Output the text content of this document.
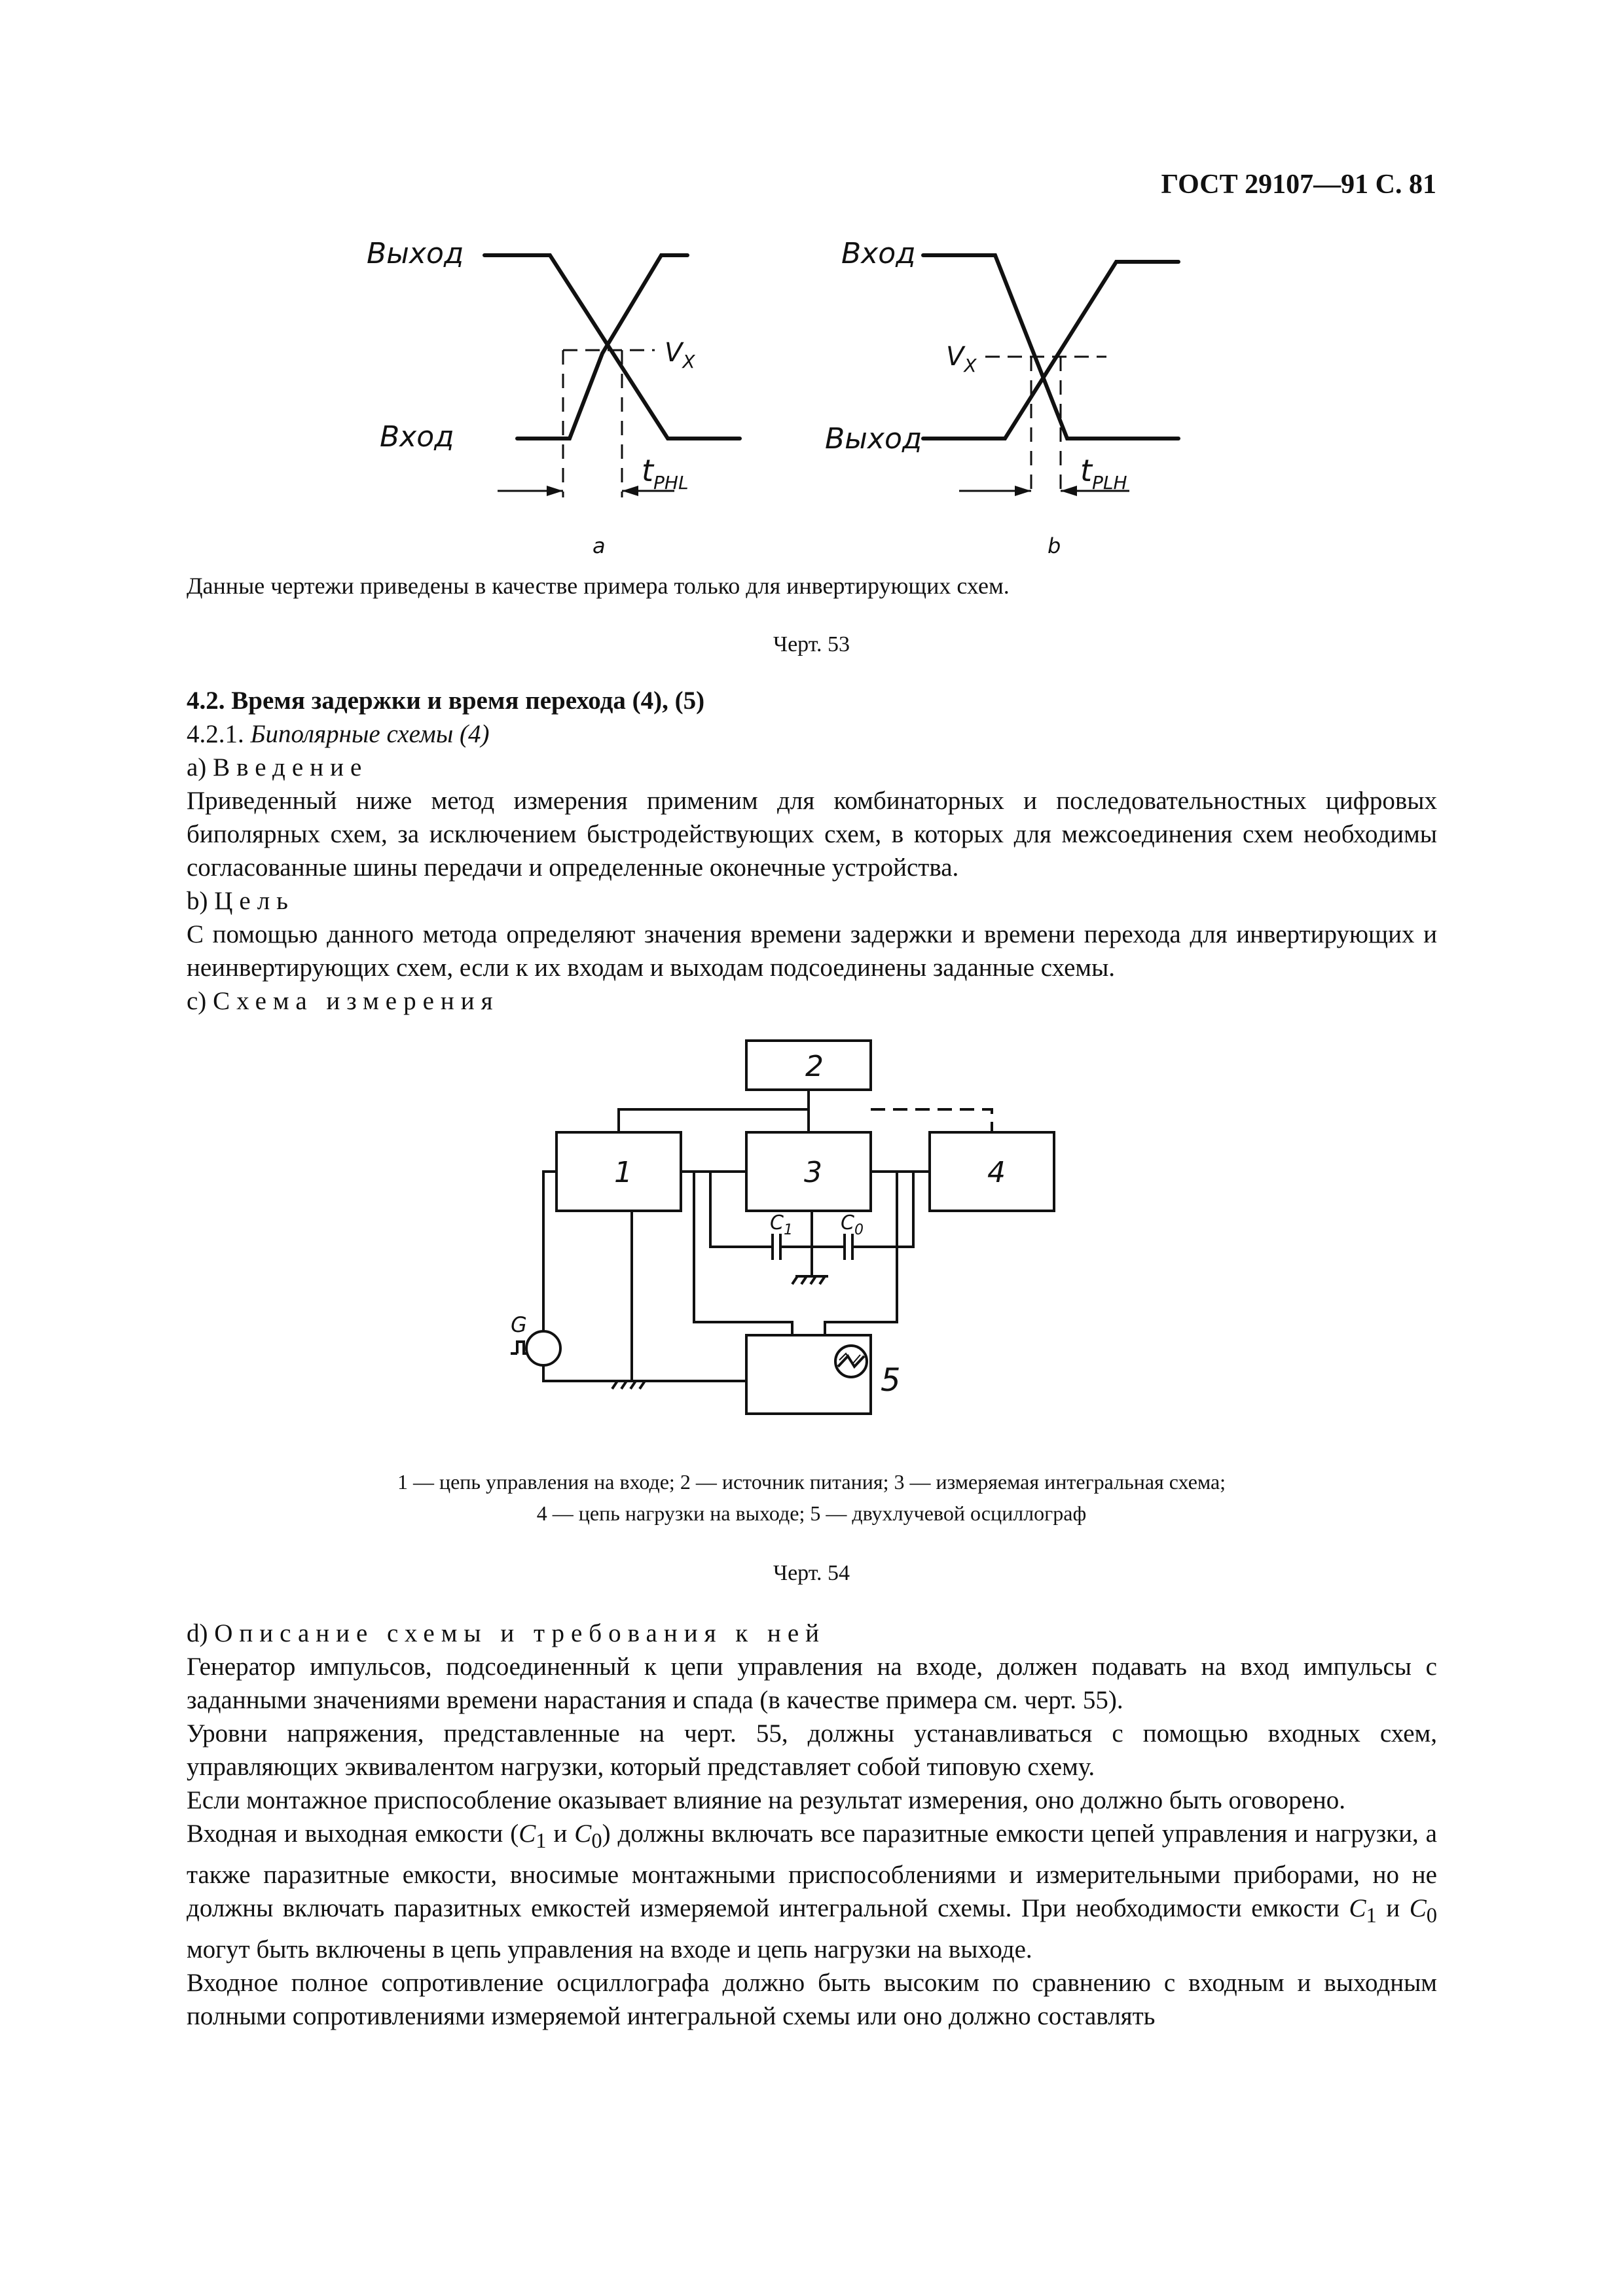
ГОСТ 29107—91 С. 81
Выход
Вход
$V_X$
$t_{PHL}$
a
Вход
Выход
$V_X$
$t_{PLH}$
b

Данные чертежи приведены в качестве примера только для инвертирующих схем.

Черт. 53

4.2. Время задержки и время перехода (4), (5)

4.2.1. Биполярные схемы (4)

a) Введение

Приведенный ниже метод измерения применим для комбинаторных и последовательностных цифровых биполярных схем, за исключением быстродействующих схем, в которых для межсоединения схем необходимы согласованные шины передачи и определенные оконечные устройства.

b) Цель

С помощью данного метода определяют значения времени задержки и времени перехода для инвертирующих и неинвертирующих схем, если к их входам и выходам подсоединены заданные схемы.

c) Схема измерения

2
1	3	4
5
G
$C_1$ $C_0$
1 — цепь управления на входе; 2 — источник питания; 3 — измеряемая интегральная схема;
4 — цепь нагрузки на выходе; 5 — двухлучевой осциллограф
Черт. 54

d) Описание схемы и требования к ней

Генератор импульсов, подсоединенный к цепи управления на входе, должен подавать на вход импульсы с заданными значениями времени нарастания и спада (в качестве примера см. черт. 55).

Уровни напряжения, представленные на черт. 55, должны устанавливаться с помощью входных схем, управляющих эквивалентом нагрузки, который представляет собой типовую схему.

Если монтажное приспособление оказывает влияние на результат измерения, оно должно быть оговорено.

Входная и выходная емкости ($C_1$ и $C_0$) должны включать все паразитные емкости цепей управления и нагрузки, а также паразитные емкости, вносимые монтажными приспособлениями и измерительными приборами, но не должны включать паразитных емкостей измеряемой интегральной схемы. При необходимости емкости $C_1$ и $C_0$ могут быть включены в цепь управления на входе и цепь нагрузки на выходе.

Входное полное сопротивление осциллографа должно быть высоким по сравнению с входным и выходным полными сопротивлениями измеряемой интегральной схемы или оно должно составлять
